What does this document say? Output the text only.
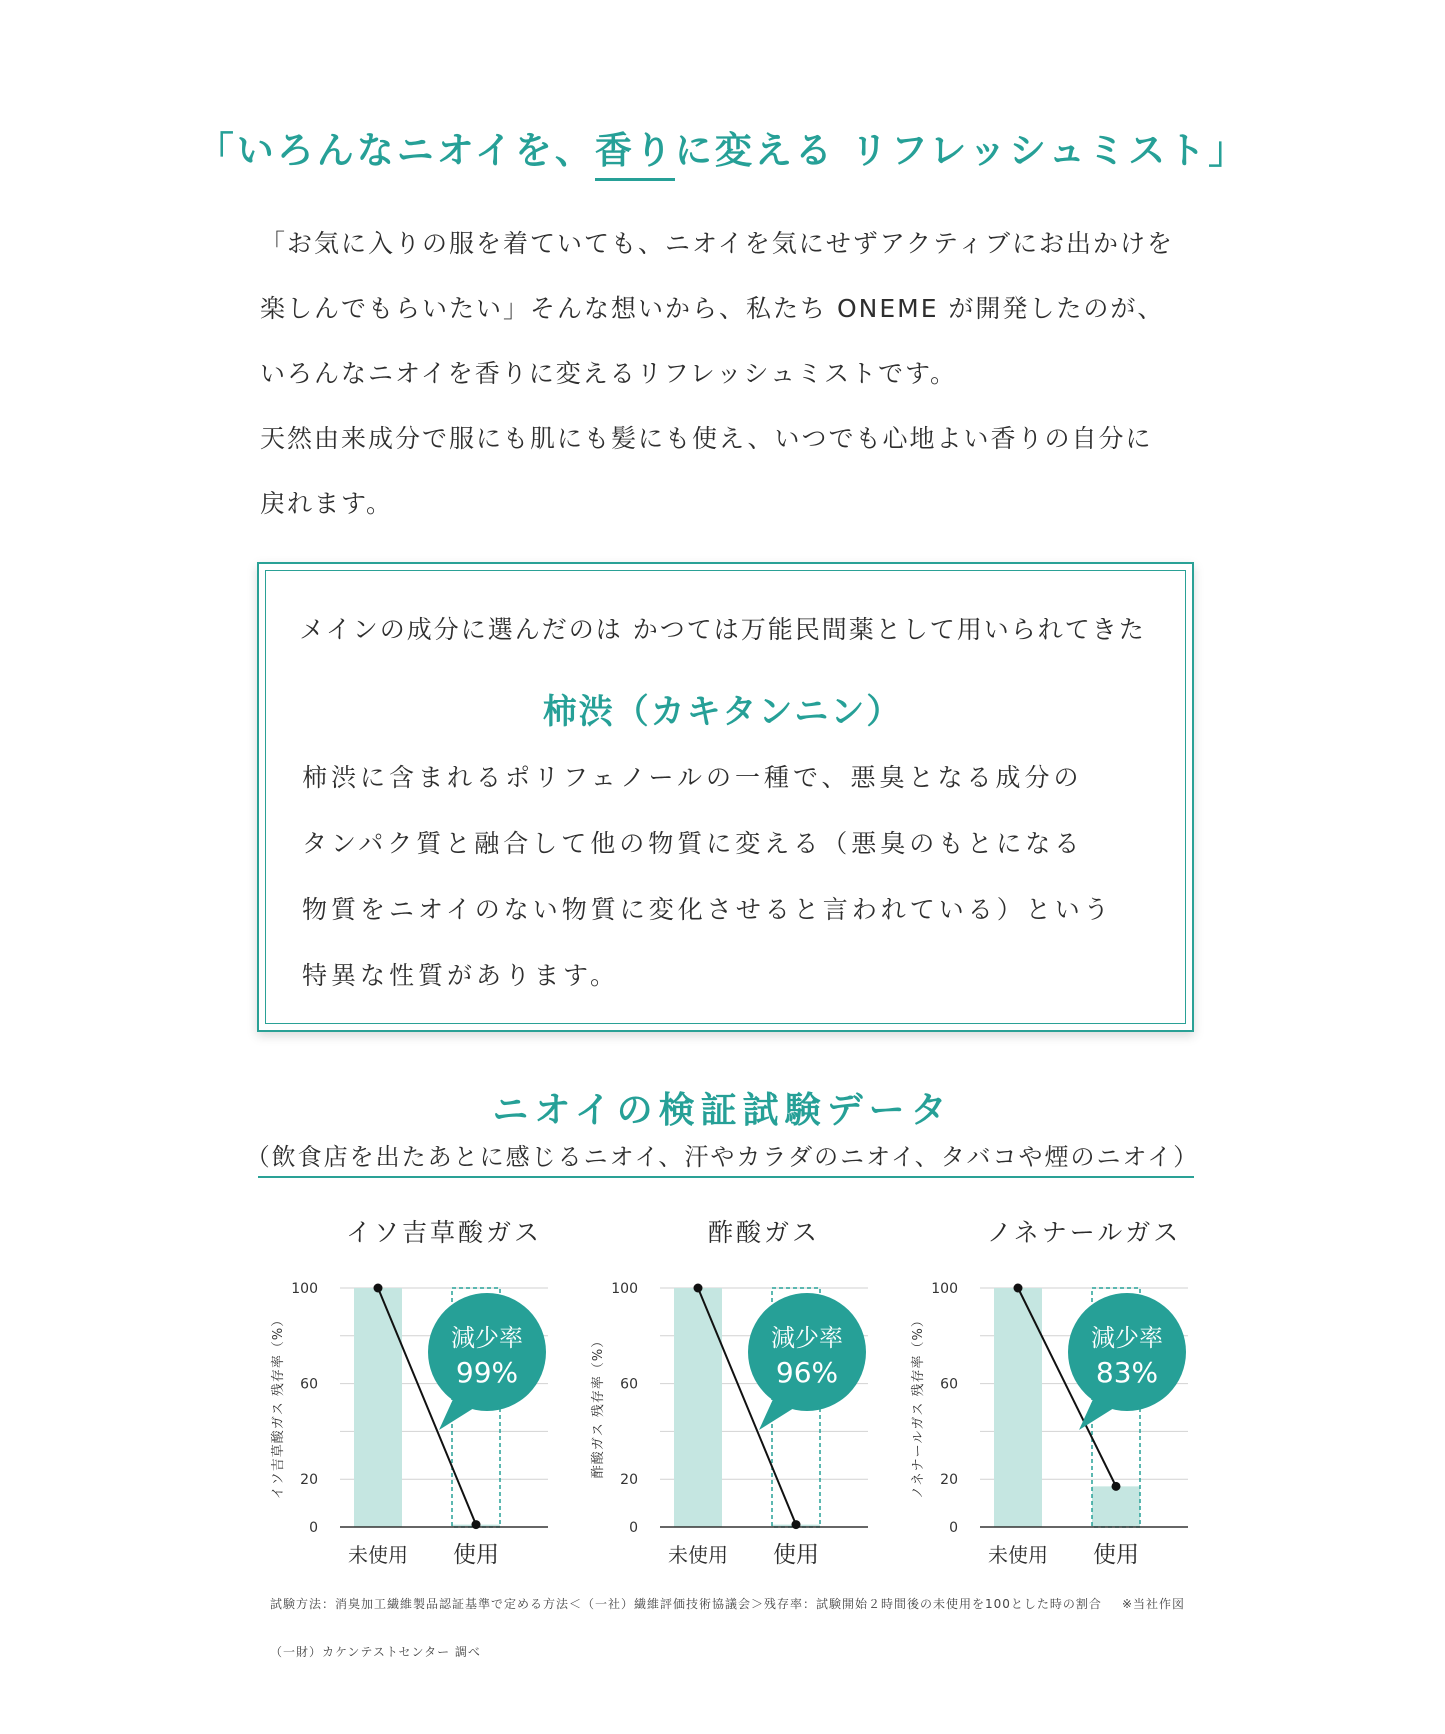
「いろんなニオイを、香りに変える リフレッシュミスト」

「お気に入りの服を着ていても、ニオイを気にせずアクティブにお出かけを

楽しんでもらいたい」そんな想いから、私たち ONEME が開発したのが、

いろんなニオイを香りに変えるリフレッシュミストです。

天然由来成分で服にも肌にも髪にも使え、いつでも心地よい香りの自分に

戻れます。

メインの成分に選んだのは かつては万能民間薬として用いられてきた
柿渋（カキタンニン）

柿渋に含まれるポリフェノールの一種で、悪臭となる成分の

タンパク質と融合して他の物質に変える（悪臭のもとになる

物質をニオイのない物質に変化させると言われている）という

特異な性質があります。

ニオイの検証試験データ
（飲食店を出たあとに感じるニオイ、汗やカラダのニオイ、タバコや煙のニオイ）
イソ吉草酸ガス
イソ吉草酸ガス 残存率（%）
100
60
20
0
未使用 使用
減少率
99%
酢酸ガス
酢酸ガス 残存率（%）
100
60
20
0
未使用 使用
減少率
96%
ノネナールガス
ノネナールガス 残存率（%）
100
60
20
0
未使用 使用
減少率
83%
試験方法：消臭加工繊維製品認証基準で定める方法＜（一社）繊維評価技術協議会＞ 残存率：試験開始２時間後の未使用を100とした時の割合 ※当社作図
（一財）カケンテストセンター 調べ
